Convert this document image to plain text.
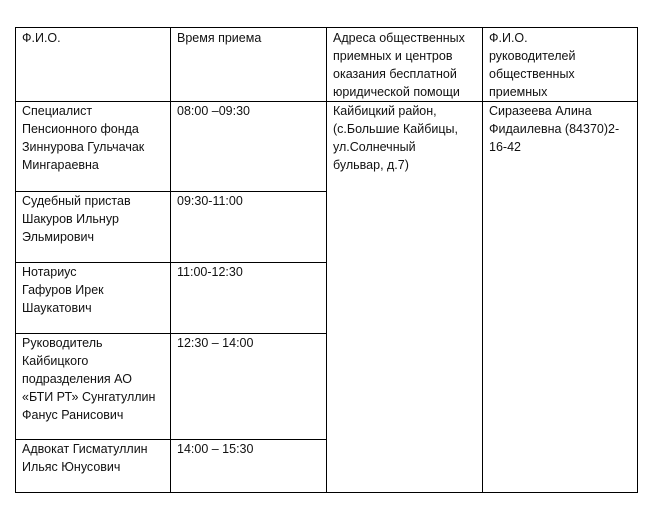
Ф.И.О.	Время приема	Адреса общественных
приемных и центров
оказания бесплатной
юридической помощи	Ф.И.О.
руководителей
общественных
приемных

Специалист
Пенсионного фонда
Зиннурова Гульчачак
Мингараевна	08:00 –09:30	Кайбицкий район,
(с.Большие Кайбицы,
ул.Солнечный
бульвар, д.7)	Сиразеева Алина
Фидаилевна (84370)2-
16-42

Судебный пристав
Шакуров Ильнур
Эльмирович	09:30-11:00		

Нотариус
Гафуров Ирек
Шаукатович	11:00-12:30		

Руководитель
Кайбицкого
подразделения АО
«БТИ РТ» Сунгатуллин
Фанус Ранисович	12:30 – 14:00		

Адвокат Гисматуллин
Ильяс Юнусович	14:00 – 15:30		
